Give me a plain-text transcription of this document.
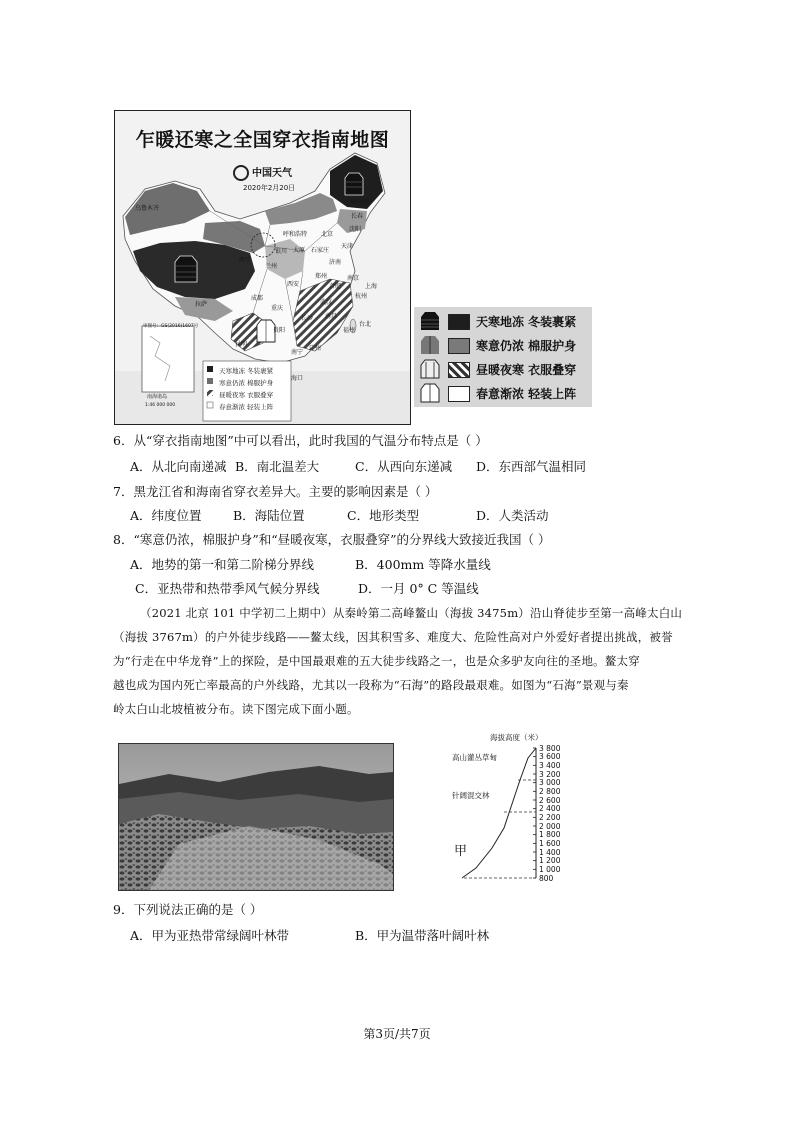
乍暖还寒之全国穿衣指南地图
中国天气
2020年2月20日
乌鲁木齐
哈尔滨
长春
沈阳
北京
呼和浩特
石家庄
太原
西宁
兰州
银川
拉萨
成都
西安
郑州
武汉
贵阳
昆明
南宁
广州
海口
台北
福州
杭州
上海
南京
合肥
济南
天津
长沙 南昌
重庆
南海诸岛
审图号：GS(2016)1607号
1:46 000 000
天寒地冻 冬装裹紧
寒意仍浓 棉服护身
昼暖夜寒 衣服叠穿
春意渐浓 轻装上阵
天寒地冻 冬装裹紧
寒意仍浓 棉服护身
昼暖夜寒 衣服叠穿
春意渐浓 轻装上阵
6．从“穿衣指南地图”中可以看出，此时我国的气温分布特点是（ ）
A．从北向南递减 B．南北温差大	C．从西向东递减 D．东西部气温相同
7．黑龙江省和海南省穿衣差异大。主要的影响因素是（ ）
A．纬度位置	B．海陆位置	C．地形类型	D．人类活动
8．“寒意仍浓，棉服护身”和“昼暖夜寒，衣服叠穿”的分界线大致接近我国（ ）
A．地势的第一和第二阶梯分界线	B．400mm 等降水量线
C．亚热带和热带季风气候分界线	D．一月 0° C 等温线
（2021 北京 101 中学初二上期中）从秦岭第二高峰鳌山（海拔 3475m）沿山脊徒步至第一高峰太白山
（海拔 3767m）的户外徒步线路——鳌太线，因其积雪多、难度大、危险性高对户外爱好者提出挑战，被誉
为“行走在中华龙脊”上的探险，是中国最艰难的五大徒步线路之一，也是众多驴友向往的圣地。鳌太穿
越也成为国内死亡率最高的户外线路，尤其以一段称为“石海”的路段最艰难。如图为“石海”景观与秦
岭太白山北坡植被分布。读下图完成下面小题。
海拔高度（米）
高山灌丛草甸
针阔混交林
甲
3 800
3 600
3 400
3 200
3 000
2 800
2 600
2 400
2 200
2 000
1 800
1 600
1 400
1 200
1 000
800
9．下列说法正确的是（ ）
A．甲为亚热带常绿阔叶林带	B．甲为温带落叶阔叶林
第3页/共7页
